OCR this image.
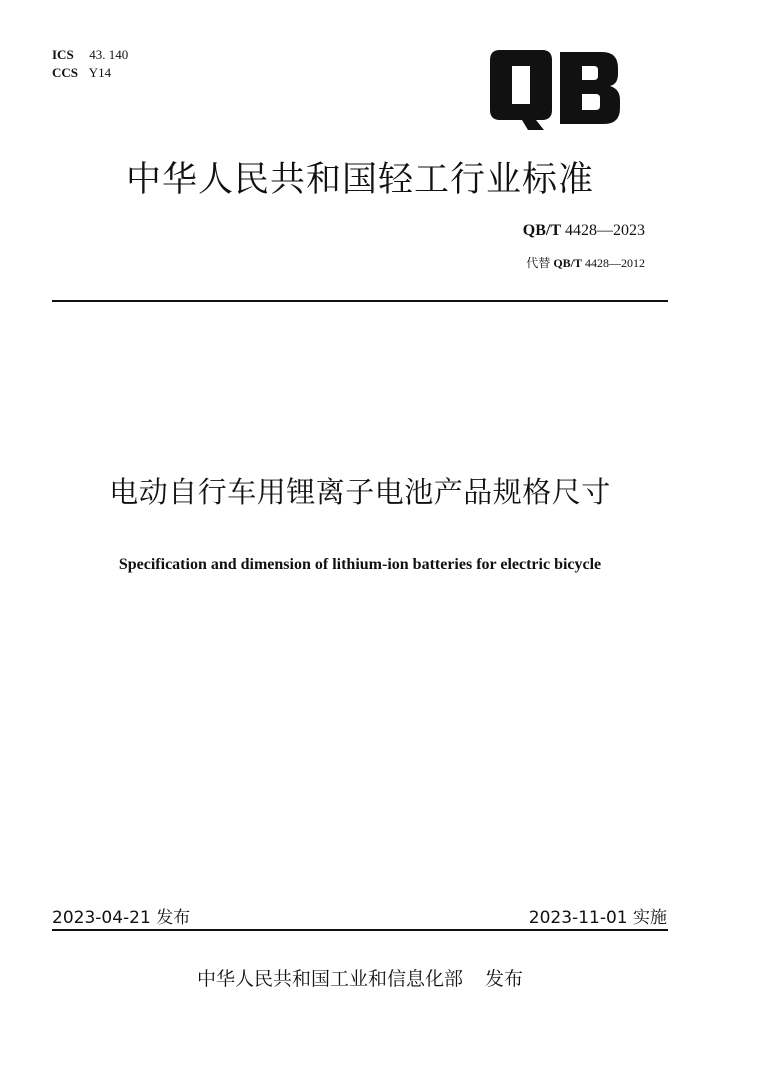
ICS 43. 140
CCS Y14
中华人民共和国轻工行业标准
QB/T 4428—2023
代替 QB/T 4428—2012
电动自行车用锂离子电池产品规格尺寸
Specification and dimension of lithium-ion batteries for electric bicycle
2023-04-21 发布	2023-11-01 实施
中华人民共和国工业和信息化部 发布
